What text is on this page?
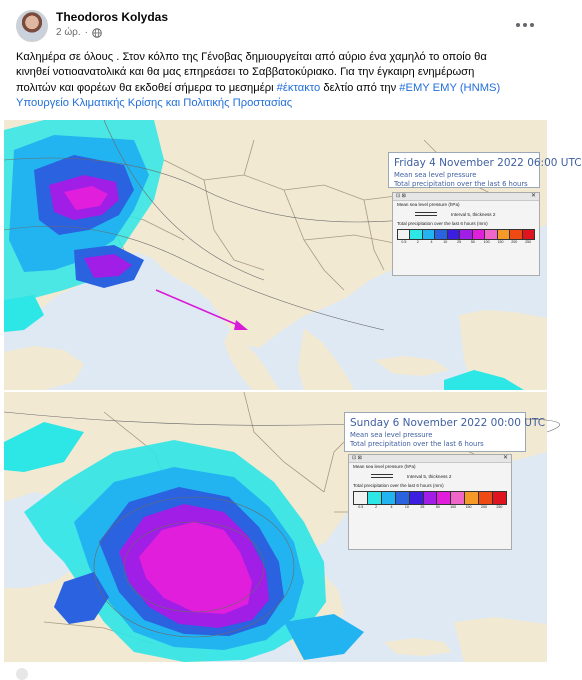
Theodoros Kolydas
2 ώρ. ·
Καλημέρα σε όλους . Στον κόλπο της Γένοβας δημιουργείται από αύριο ένα χαμηλό το οποίο θα
κινηθεί νοτιοανατολικά και θα μας επηρεάσει το Σαββατοκύριακο. Για την έγκαιρη ενημέρωση
πολιτών και φορέων θα εκδοθεί σήμερα το μεσημέρι #έκτακτο δελτίο από την #ΕΜΥ ΕΜΥ (HNMS)
Υπουργείο Κλιματικής Κρίσης και Πολιτικής Προστασίας
Friday 4 November 2022 06:00 UTC
Mean sea level pressure
Total precipitation over the last 6 hours
⊡ ⊠	✕
Mean sea level pressure (hPa)
Interval 5, thickness 2
Total precipitation over the last 6 hours (mm)
0.5	2	4	10	25	50	100	150	200	250
Sunday 6 November 2022 00:00 UTC
Mean sea level pressure
Total precipitation over the last 6 hours
⊡ ⊠	✕
Mean sea level pressure (hPa)
Interval 5, thickness 2
Total precipitation over the last 6 hours (mm)
0.5	2	4	10	25	50	100	150	200	250
